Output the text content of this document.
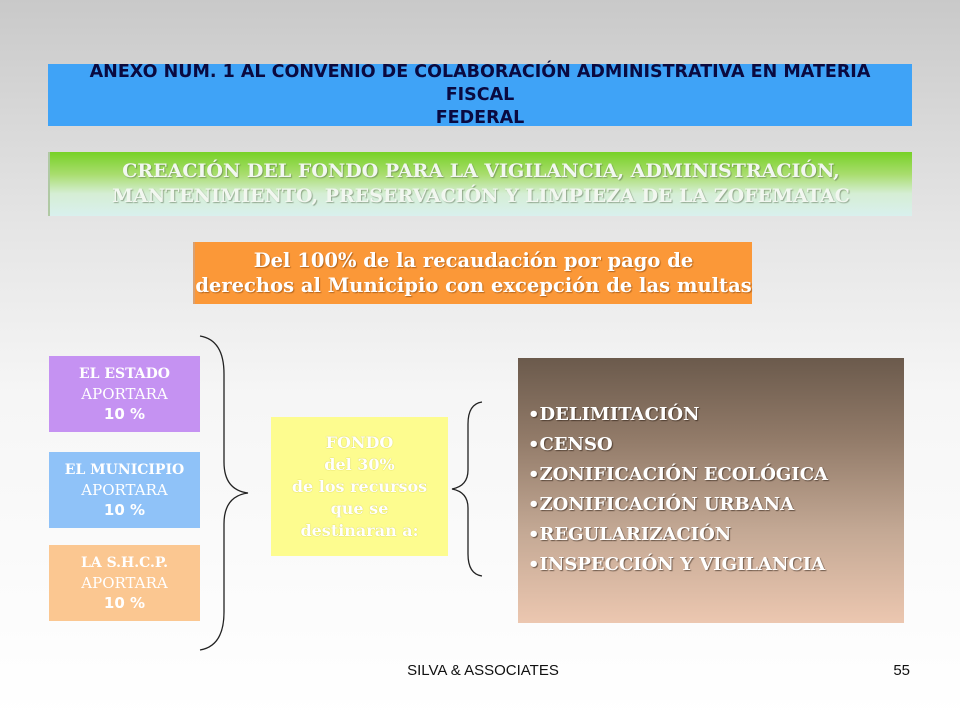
ANEXO NUM. 1 AL CONVENIO DE COLABORACIÓN ADMINISTRATIVA EN MATERIA FISCAL
FEDERAL
CREACIÓN DEL FONDO PARA LA VIGILANCIA, ADMINISTRACIÓN,
MANTENIMIENTO, PRESERVACIÓN Y LIMPIEZA DE LA ZOFEMATAC
Del 100% de la recaudación por pago de
derechos al Municipio con excepción de las multas
EL ESTADO
APORTARA
10 %
EL MUNICIPIO
APORTARA
10 %
LA S.H.C.P.
APORTARA
10 %
FONDO
del 30%
de los recursos
que se
destinaran a:
•DELIMITACIÓN
•CENSO
•ZONIFICACIÓN ECOLÓGICA
•ZONIFICACIÓN URBANA
•REGULARIZACIÓN
•INSPECCIÓN Y VIGILANCIA
SILVA & ASSOCIATES	55
